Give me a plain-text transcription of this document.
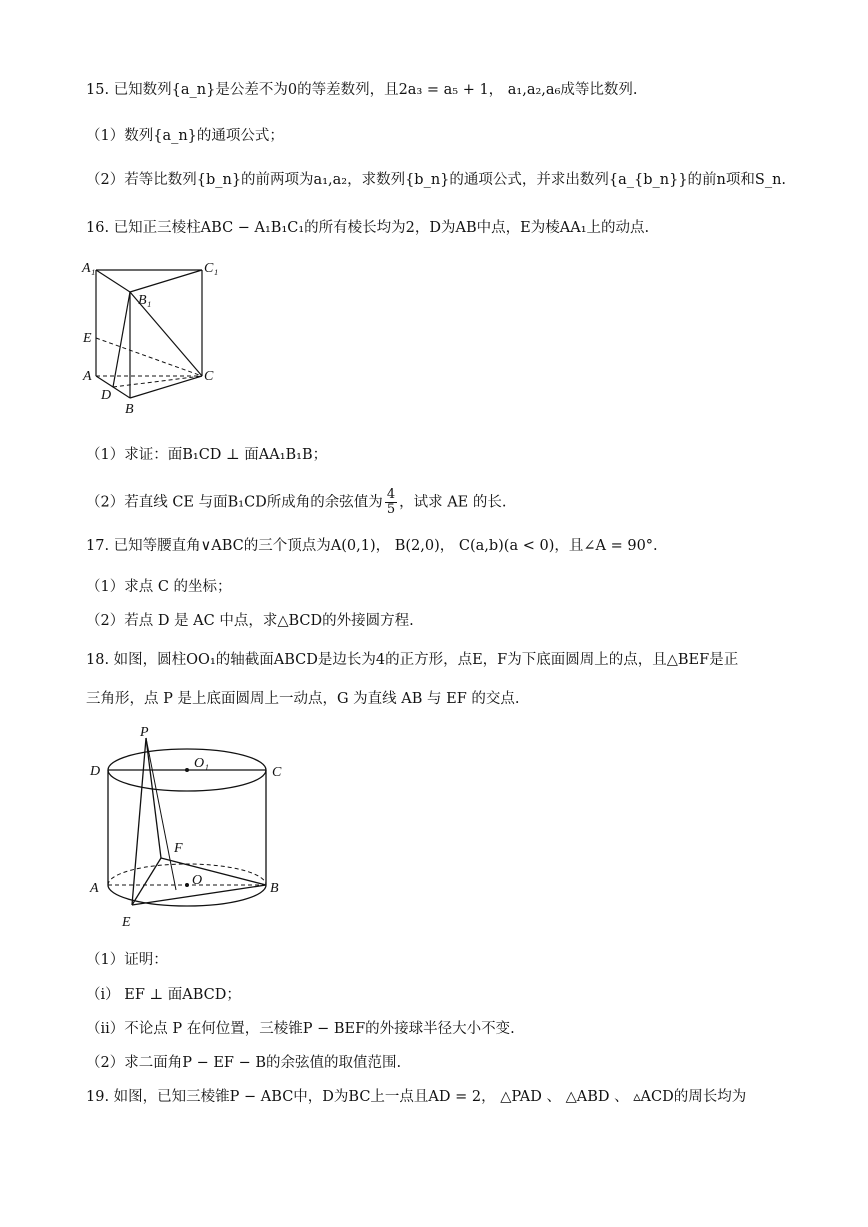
15. 已知数列{a_n}是公差不为0的等差数列，且2a₃ = a₅ + 1， a₁,a₂,a₆成等比数列.
（1）数列{a_n}的通项公式；
（2）若等比数列{b_n}的前两项为a₁,a₂，求数列{b_n}的通项公式，并求出数列{a_{b_n}}的前n项和S_n.
16. 已知正三棱柱ABC − A₁B₁C₁的所有棱长均为2，D为AB中点，E为棱AA₁上的动点.
A₁	C₁
B₁
E
A	C
D
B
（1）求证：面B₁CD ⊥ 面AA₁B₁B；
（2）若直线 CE 与面B₁CD所成角的余弦值为 $\frac{4}{5}$ ，试求 AE 的长.
17. 已知等腰直角∨ABC的三个顶点为A(0,1)， B(2,0)， C(a,b)(a < 0)，且∠A = 90°.
（1）求点 C 的坐标；
（2）若点 D 是 AC 中点，求△BCD的外接圆方程.
18. 如图，圆柱OO₁的轴截面ABCD是边长为4的正方形，点E，F为下底面圆周上的点，且△BEF是正
三角形，点 P 是上底面圆周上一动点，G 为直线 AB 与 EF 的交点.
P
D
O₁
C
F
A
O
B
E
（1）证明：
（i） EF ⊥ 面ABCD；
（ii）不论点 P 在何位置，三棱锥P − BEF的外接球半径大小不变.
（2）求二面角P − EF − B的余弦值的取值范围.
19. 如图，已知三棱锥P − ABC中，D为BC上一点且AD = 2， △PAD 、 △ABD 、 ▵ACD的周长均为
